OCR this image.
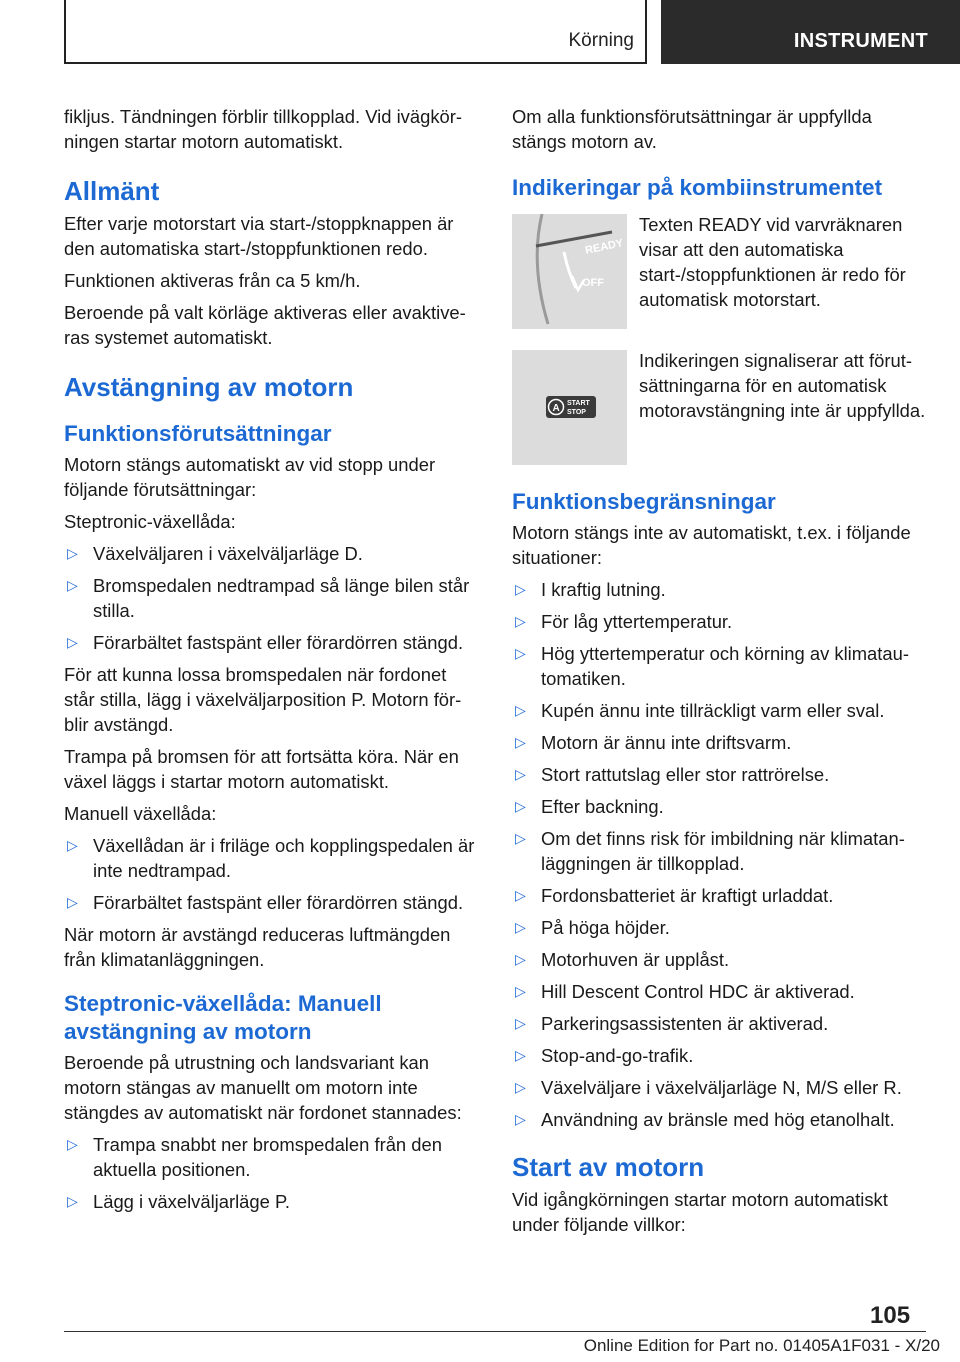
Körning	INSTRUMENT

fikljus. Tändningen förblir tillkopplad. Vid ivägkörningen startar motorn automatiskt.

Allmänt

Efter varje motorstart via start-/stoppknappen är den automatiska start-/stoppfunktionen redo.

Funktionen aktiveras från ca 5 km/h.

Beroende på valt körläge aktiveras eller avaktiveras systemet automatiskt.

Avstängning av motorn
Funktionsförutsättningar

Motorn stängs automatiskt av vid stopp under följande förutsättningar:

Steptronic-växellåda:

▷ Växelväljaren i växelväljarläge D.
▷ Bromspedalen nedtrampad så länge bilen står stilla.
▷ Förarbältet fastspänt eller förardörren stängd.

För att kunna lossa bromspedalen när fordonet står stilla, lägg i växelväljarposition P. Motorn förblir avstängd.

Trampa på bromsen för att fortsätta köra. När en växel läggs i startar motorn automatiskt.

Manuell växellåda:

▷ Växellådan är i friläge och kopplingspedalen är inte nedtrampad.
▷ Förarbältet fastspänt eller förardörren stängd.

När motorn är avstängd reduceras luftmängden från klimatanläggningen.

Steptronic-växellåda: Manuell avstängning av motorn

Beroende på utrustning och landsvariant kan motorn stängas av manuellt om motorn inte stängdes av automatiskt när fordonet stannades:

▷ Trampa snabbt ner bromspedalen från den aktuella positionen.
▷ Lägg i växelväljarläge P.

Om alla funktionsförutsättningar är uppfyllda stängs motorn av.

Indikeringar på kombiinstrumentet
READY
OFF
Texten READY vid varvräknaren visar att den automatiska start-/stoppfunktionen är redo för automatisk motorstart.
A START
STOP
Indikeringen signaliserar att förutsättningarna för en automatisk motoravstängning inte är uppfyllda.
Funktionsbegränsningar

Motorn stängs inte av automatiskt, t.ex. i följande situationer:

▷ I kraftig lutning.
▷ För låg yttertemperatur.
▷ Hög yttertemperatur och körning av klimatautomatiken.
▷ Kupén ännu inte tillräckligt varm eller sval.
▷ Motorn är ännu inte driftsvarm.
▷ Stort rattutslag eller stor rattrörelse.
▷ Efter backning.
▷ Om det finns risk för imbildning när klimatanläggningen är tillkopplad.
▷ Fordonsbatteriet är kraftigt urladdat.
▷ På höga höjder.
▷ Motorhuven är upplåst.
▷ Hill Descent Control HDC är aktiverad.
▷ Parkeringsassistenten är aktiverad.
▷ Stop-and-go-trafik.
▷ Växelväljare i växelväljarläge N, M/S eller R.
▷ Användning av bränsle med hög etanolhalt.
Start av motorn

Vid igångkörningen startar motorn automatiskt under följande villkor:

105
Online Edition for Part no. 01405A1F031 - X/20
